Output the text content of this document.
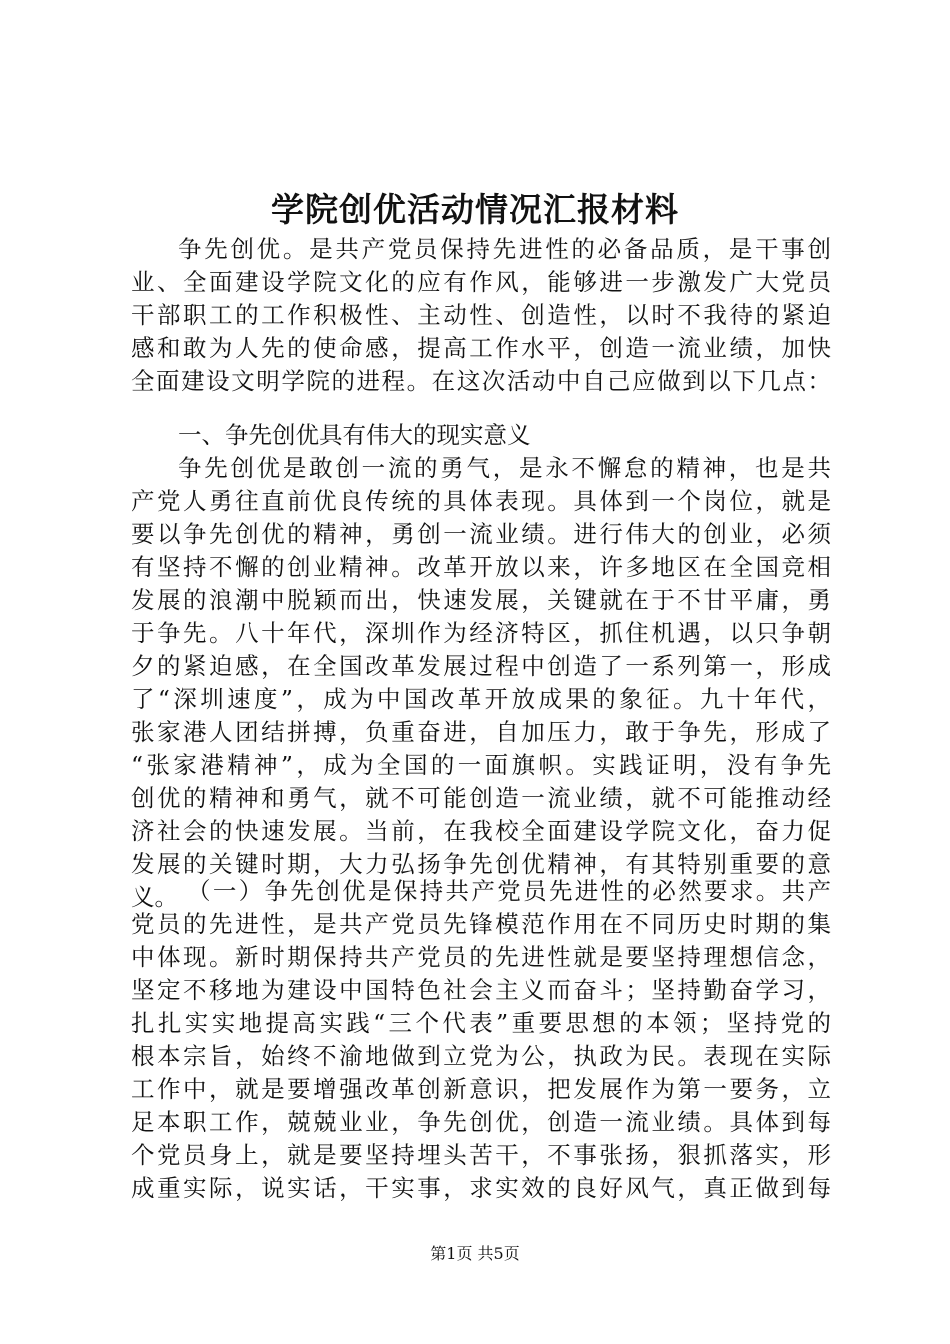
学院创优活动情况汇报材料
争先创优。是共产党员保持先进性的必备品质，是干事创
业、全面建设学院文化的应有作风，能够进一步激发广大党员
干部职工的工作积极性、主动性、创造性，以时不我待的紧迫
感和敢为人先的使命感，提高工作水平，创造一流业绩，加快
全面建设文明学院的进程。在这次活动中自己应做到以下几点：

一、争先创优具有伟大的现实意义

争先创优是敢创一流的勇气，是永不懈怠的精神，也是共
产党人勇往直前优良传统的具体表现。具体到一个岗位，就是
要以争先创优的精神，勇创一流业绩。进行伟大的创业，必须
有坚持不懈的创业精神。改革开放以来，许多地区在全国竞相
发展的浪潮中脱颖而出，快速发展，关键就在于不甘平庸，勇
于争先。八十年代，深圳作为经济特区，抓住机遇，以只争朝
夕的紧迫感，在全国改革发展过程中创造了一系列第一，形成
了“深圳速度”，成为中国改革开放成果的象征。九十年代，
张家港人团结拼搏，负重奋进，自加压力，敢于争先，形成了
“张家港精神”，成为全国的一面旗帜。实践证明，没有争先
创优的精神和勇气，就不可能创造一流业绩，就不可能推动经
济社会的快速发展。当前，在我校全面建设学院文化，奋力促
发展的关键时期，大力弘扬争先创优精神，有其特别重要的意
义。 （一）争先创优是保持共产党员先进性的必然要求。共产
党员的先进性，是共产党员先锋模范作用在不同历史时期的集
中体现。新时期保持共产党员的先进性就是要坚持理想信念，
坚定不移地为建设中国特色社会主义而奋斗；坚持勤奋学习，
扎扎实实地提高实践“三个代表”重要思想的本领；坚持党的
根本宗旨，始终不渝地做到立党为公，执政为民。表现在实际
工作中，就是要增强改革创新意识，把发展作为第一要务，立
足本职工作，兢兢业业，争先创优，创造一流业绩。具体到每
个党员身上，就是要坚持埋头苦干，不事张扬，狠抓落实，形
成重实际，说实话，干实事，求实效的良好风气，真正做到每
第1页 共5页
